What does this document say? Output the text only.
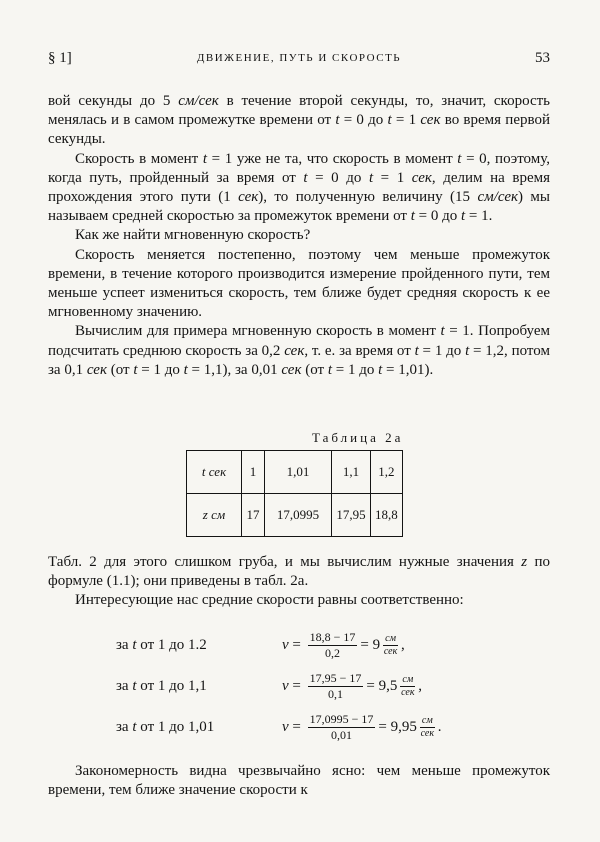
§ 1]	ДВИЖЕНИЕ, ПУТЬ И СКОРОСТЬ	53

вой секунды до 5 см/сек в течение второй секунды, то, значит, скорость менялась и в самом промежутке времени от t = 0 до t = 1 сек во время первой секунды.

Скорость в момент t = 1 уже не та, что скорость в момент t = 0, поэтому, когда путь, пройденный за время от t = 0 до t = 1 сек, делим на время прохождения этого пути (1 сек), то полученную величину (15 см/сек) мы называем средней скоростью за промежуток времени от t = 0 до t = 1.

Как же найти мгновенную скорость?

Скорость меняется постепенно, поэтому чем меньше промежуток времени, в течение которого производится измерение пройденного пути, тем меньше успеет измениться скорость, тем ближе будет средняя скорость к ее мгновенному значению.

Вычислим для примера мгновенную скорость в момент t = 1. Попробуем подсчитать среднюю скорость за 0,2 сек, т. е. за время от t = 1 до t = 1,2, потом за 0,1 сек (от t = 1 до t = 1,1), за 0,01 сек (от t = 1 до t = 1,01).

Таблица 2а
t сек	1	1,01	1,1	1,2
z см	17	17,0995	17,95	18,8

Табл. 2 для этого слишком груба, и мы вычислим нужные значения z по формуле (1.1); они приведены в табл. 2а.

Интересующие нас средние скорости равны соответственно:

за t от 1 до 1.2	$v = \frac{18,8 - 17}{0,2} = 9 \frac{см}{\text{сек}}$ ,
за t от 1 до 1,1	$v = \frac{17,95 - 17}{0,1} = 9,5 \frac{см}{\text{сек}}$ ,
за t от 1 до 1,01	$v = \frac{17,0995 - 17}{0,01} = 9,95 \frac{см}{\text{сек}}$ .

Закономерность видна чрезвычайно ясно: чем меньше промежуток времени, тем ближе значение скорости к
